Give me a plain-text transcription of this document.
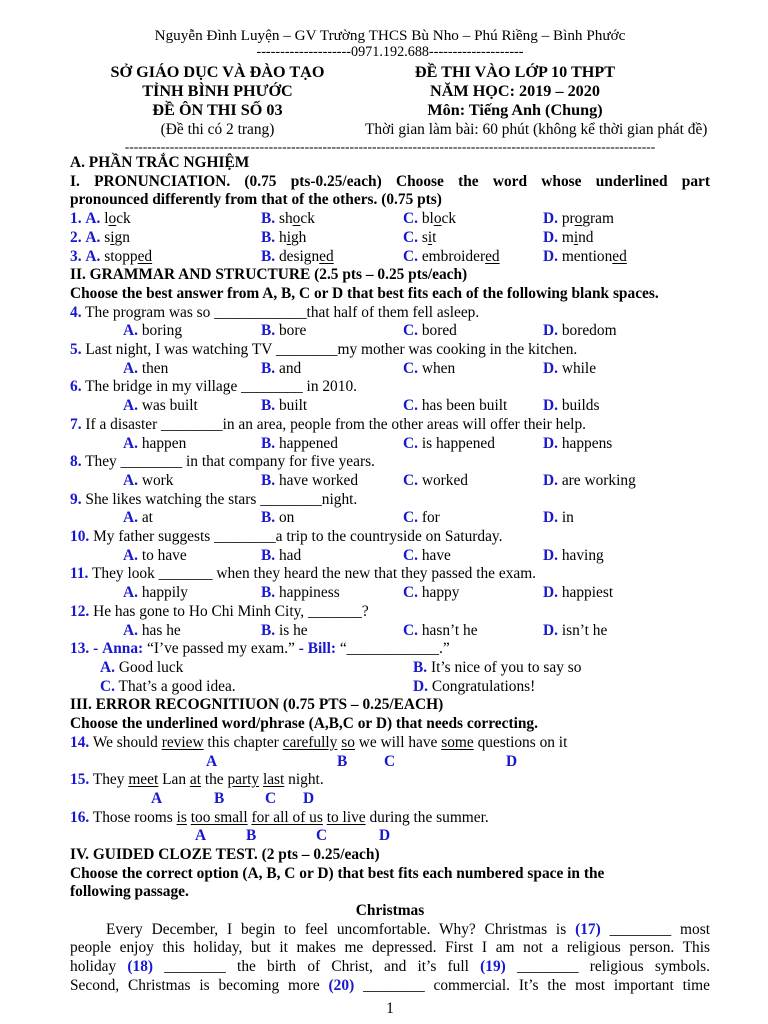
Nguyễn Đình Luyện – GV Trường THCS Bù Nho – Phú Riềng – Bình Phước
--------------------0971.192.688--------------------
SỞ GIÁO DỤC VÀ ĐÀO TẠO
TỈNH BÌNH PHƯỚC
ĐỀ ÔN THI SỐ 03
(Đề thi có 2 trang)
ĐỀ THI VÀO LỚP 10 THPT
NĂM HỌC: 2019 – 2020
Môn: Tiếng Anh (Chung)
Thời gian làm bài: 60 phút (không kể thời gian phát đề)
----------------------------------------------------------------------------------------------------------------------
A. PHẦN TRẮC NGHIỆM
I. PRONUNCIATION. (0.75 pts-0.25/each) Choose the word whose underlined part
pronounced differently from that of the others. (0.75 pts)
1. A. lock	B. shock	C. block	D. program
2. A. sign	B. high	C. sit	D. mind
3. A. stopped	B. designed	C. embroidered	D. mentioned
II. GRAMMAR AND STRUCTURE (2.5 pts – 0.25 pts/each)
Choose the best answer from A, B, C or D that best fits each of the following blank spaces.
4. The program was so ____________that half of them fell asleep.
A. boring	B. bore	C. bored	D. boredom
5. Last night, I was watching TV ________my mother was cooking in the kitchen.
A. then	B. and	C. when	D. while
6. The bridge in my village ________ in 2010.
A. was built	B. built	C. has been built	D. builds
7. If a disaster ________in an area, people from the other areas will offer their help.
A. happen	B. happened	C. is happened	D. happens
8. They ________ in that company for five years.
A. work	B. have worked	C. worked	D. are working
9. She likes watching the stars ________night.
A. at	B. on	C. for	D. in
10. My father suggests ________a trip to the countryside on Saturday.
A. to have	B. had	C. have	D. having
11. They look _______ when they heard the new that they passed the exam.
A. happily	B. happiness	C. happy	D. happiest
12. He has gone to Ho Chi Minh City, _______?
A. has he	B. is he	C. hasn’t he	D. isn’t he
13. - Anna: “I’ve passed my exam.” - Bill: “____________.”
A. Good luck	B. It’s nice of you to say so
C. That’s a good idea.	D. Congratulations!
III. ERROR RECOGNITIUON (0.75 PTS – 0.25/EACH)
Choose the underlined word/phrase (A,B,C or D) that needs correcting.
14. We should review this chapter carefully so we will have some questions on it
A	B C	D
15. They meet Lan at the party last night.
A	B	C D
16. Those rooms is too small for all of us to live during the summer.
A	B	C	D
IV. GUIDED CLOZE TEST. (2 pts – 0.25/each)
Choose the correct option (A, B, C or D) that best fits each numbered space in the
following passage.
Christmas
Every December, I begin to feel uncomfortable. Why? Christmas is (17) ________ most
people enjoy this holiday, but it makes me depressed. First I am not a religious person. This
holiday (18) ________ the birth of Christ, and it’s full (19) ________ religious symbols.
Second, Christmas is becoming more (20) ________ commercial. It’s the most important time
1
